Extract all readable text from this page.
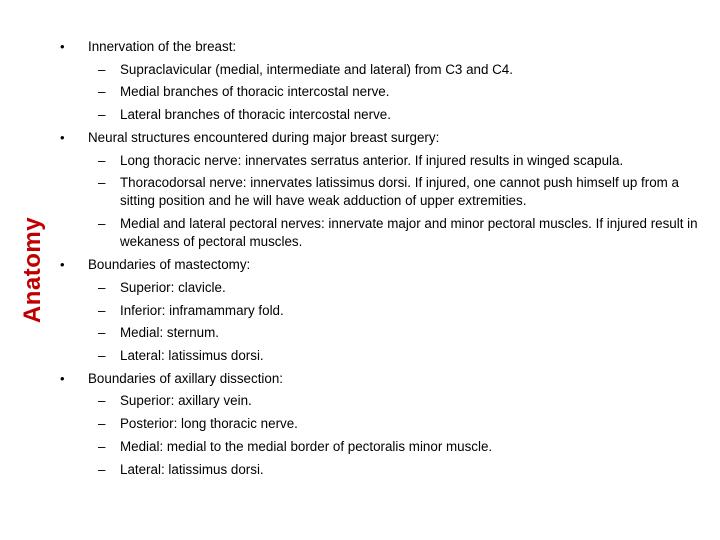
Anatomy
• Innervation of the breast:
– Supraclavicular (medial, intermediate and lateral) from C3 and C4.
– Medial branches of thoracic intercostal nerve.
– Lateral branches of thoracic intercostal nerve.
• Neural structures encountered during major breast surgery:
– Long thoracic nerve: innervates serratus anterior. If injured results in winged scapula.
– Thoracodorsal nerve: innervates latissimus dorsi. If injured, one cannot push himself up from a sitting position and he will have weak adduction of upper extremities.
– Medial and lateral pectoral nerves: innervate major and minor pectoral muscles. If injured result in wekaness of pectoral muscles.
• Boundaries of mastectomy:
– Superior: clavicle.
– Inferior: inframammary fold.
– Medial: sternum.
– Lateral: latissimus dorsi.
• Boundaries of axillary dissection:
– Superior: axillary vein.
– Posterior: long thoracic nerve.
– Medial: medial to the medial border of pectoralis minor muscle.
– Lateral: latissimus dorsi.
